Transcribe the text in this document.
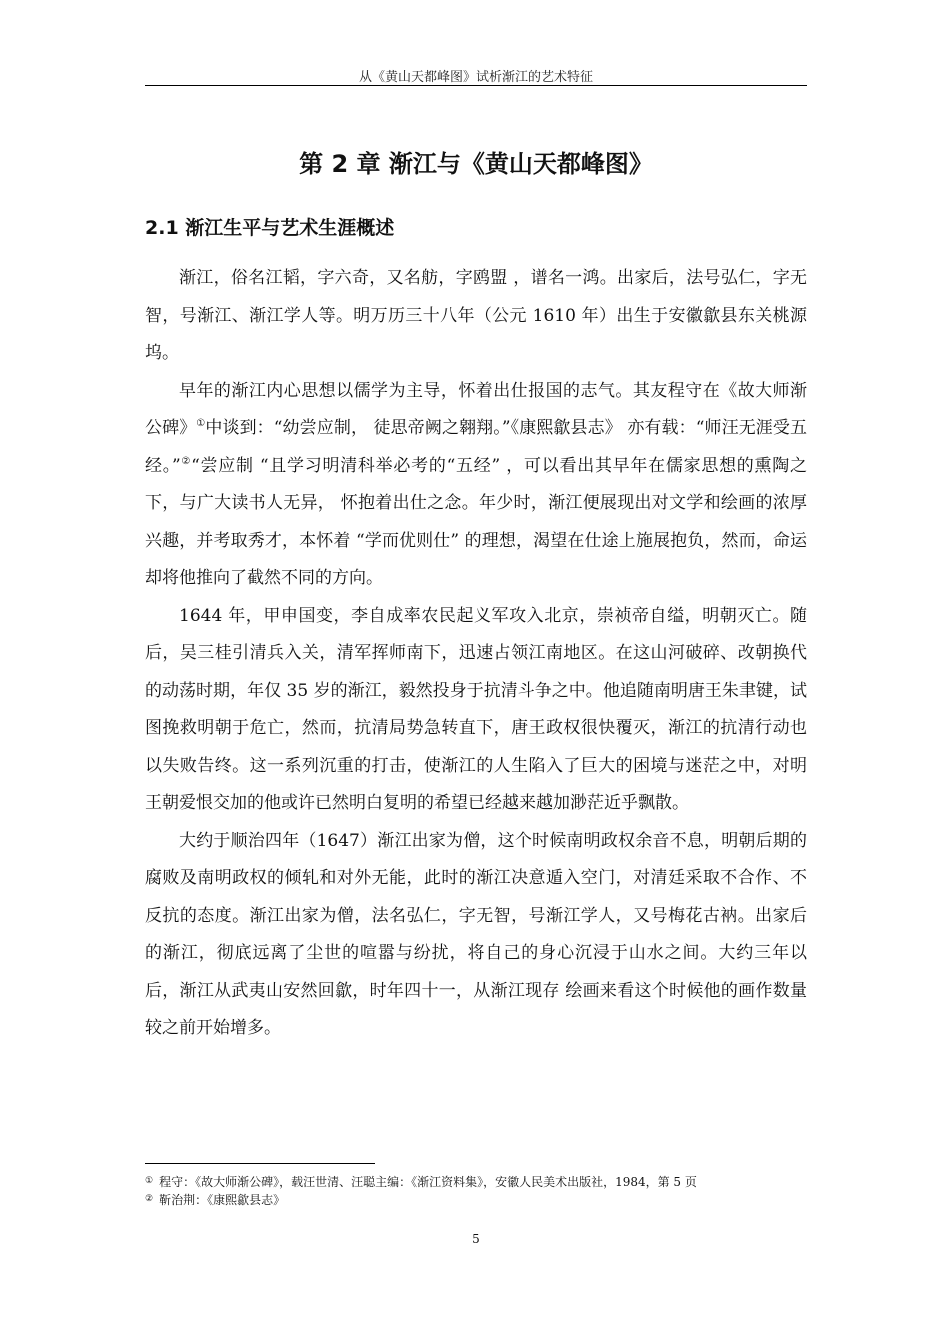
从《黄山天都峰图》试析渐江的艺术特征
第 2 章 渐江与《黄山天都峰图》
2.1 渐江生平与艺术生涯概述

渐江，俗名江韬，字六奇，又名舫，字鸥盟 ，谱名一鸿。出家后，法号弘仁，字无智，号渐江、渐江学人等。明万历三十八年（公元 1610 年）出生于安徽歙县东关桃源坞。

早年的渐江内心思想以儒学为主导，怀着出仕报国的志气。其友程守在《故大师渐公碑》①中谈到：“幼尝应制， 徒思帝阙之翱翔。”《康熙歙县志》 亦有载：“师汪无涯受五经。”②“尝应制 “且学习明清科举必考的“五经” ，可以看出其早年在儒家思想的熏陶之下，与广大读书人无异， 怀抱着出仕之念。年少时，渐江便展现出对文学和绘画的浓厚兴趣，并考取秀才，本怀着 “学而优则仕” 的理想，渴望在仕途上施展抱负，然而，命运却将他推向了截然不同的方向。

1644 年，甲申国变，李自成率农民起义军攻入北京，崇祯帝自缢，明朝灭亡。随后，吴三桂引清兵入关，清军挥师南下，迅速占领江南地区。在这山河破碎、改朝换代的动荡时期，年仅 35 岁的渐江，毅然投身于抗清斗争之中。他追随南明唐王朱聿键，试图挽救明朝于危亡，然而，抗清局势急转直下，唐王政权很快覆灭，渐江的抗清行动也以失败告终。这一系列沉重的打击，使渐江的人生陷入了巨大的困境与迷茫之中，对明王朝爱恨交加的他或许已然明白复明的希望已经越来越加渺茫近乎飘散。

大约于顺治四年（1647）渐江出家为僧，这个时候南明政权余音不息，明朝后期的腐败及南明政权的倾轧和对外无能，此时的渐江决意遁入空门，对清廷采取不合作、不反抗的态度。渐江出家为僧，法名弘仁，字无智，号渐江学人，又号梅花古衲。出家后的渐江，彻底远离了尘世的喧嚣与纷扰，将自己的身心沉浸于山水之间。大约三年以后，渐江从武夷山安然回歙，时年四十一，从渐江现存 绘画来看这个时候他的画作数量较之前开始增多。

① 程守：《故大师渐公碑》，载汪世清、汪聪主编：《渐江资料集》，安徽人民美术出版社，1984，第 5 页

② 靳治荆：《康熙歙县志》

5
